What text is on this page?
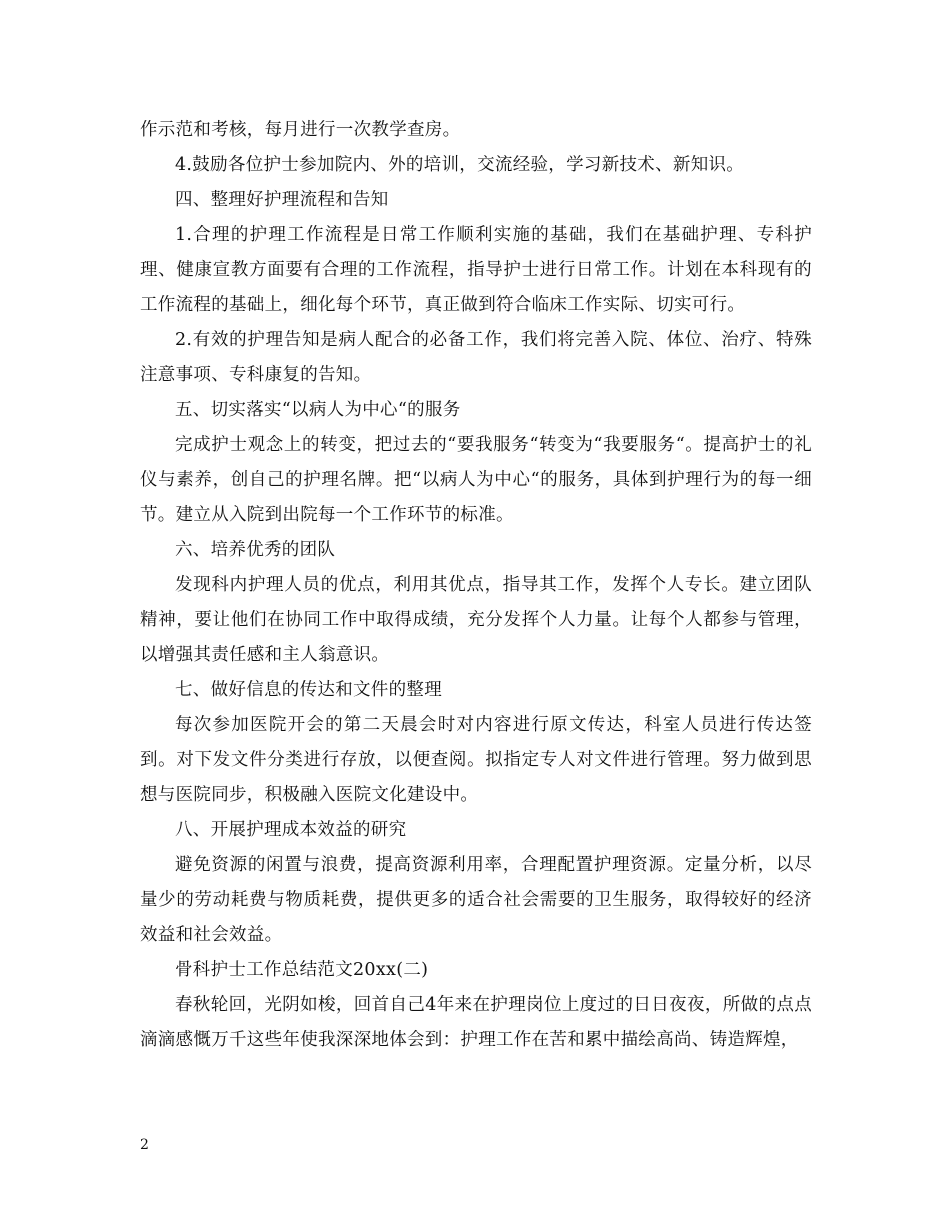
作示范和考核，每月进行一次教学查房。

4.鼓励各位护士参加院内、外的培训，交流经验，学习新技术、新知识。

四、整理好护理流程和告知

1.合理的护理工作流程是日常工作顺利实施的基础，我们在基础护理、专科护理、健康宣教方面要有合理的工作流程，指导护士进行日常工作。计划在本科现有的工作流程的基础上，细化每个环节，真正做到符合临床工作实际、切实可行。

2.有效的护理告知是病人配合的必备工作，我们将完善入院、体位、治疗、特殊注意事项、专科康复的告知。

五、切实落实“以病人为中心“的服务

完成护士观念上的转变，把过去的“要我服务“转变为“我要服务“。提高护士的礼仪与素养，创自己的护理名牌。把“以病人为中心“的服务，具体到护理行为的每一细节。建立从入院到出院每一个工作环节的标准。

六、培养优秀的团队

发现科内护理人员的优点，利用其优点，指导其工作，发挥个人专长。建立团队精神，要让他们在协同工作中取得成绩，充分发挥个人力量。让每个人都参与管理，以增强其责任感和主人翁意识。

七、做好信息的传达和文件的整理

每次参加医院开会的第二天晨会时对内容进行原文传达，科室人员进行传达签到。对下发文件分类进行存放，以便查阅。拟指定专人对文件进行管理。努力做到思想与医院同步，积极融入医院文化建设中。

八、开展护理成本效益的研究

避免资源的闲置与浪费，提高资源利用率，合理配置护理资源。定量分析，以尽量少的劳动耗费与物质耗费，提供更多的适合社会需要的卫生服务，取得较好的经济效益和社会效益。

骨科护士工作总结范文20xx(二)

春秋轮回，光阴如梭，回首自己4年来在护理岗位上度过的日日夜夜，所做的点点滴滴感慨万千这些年使我深深地体会到：护理工作在苦和累中描绘高尚、铸造辉煌，

2
